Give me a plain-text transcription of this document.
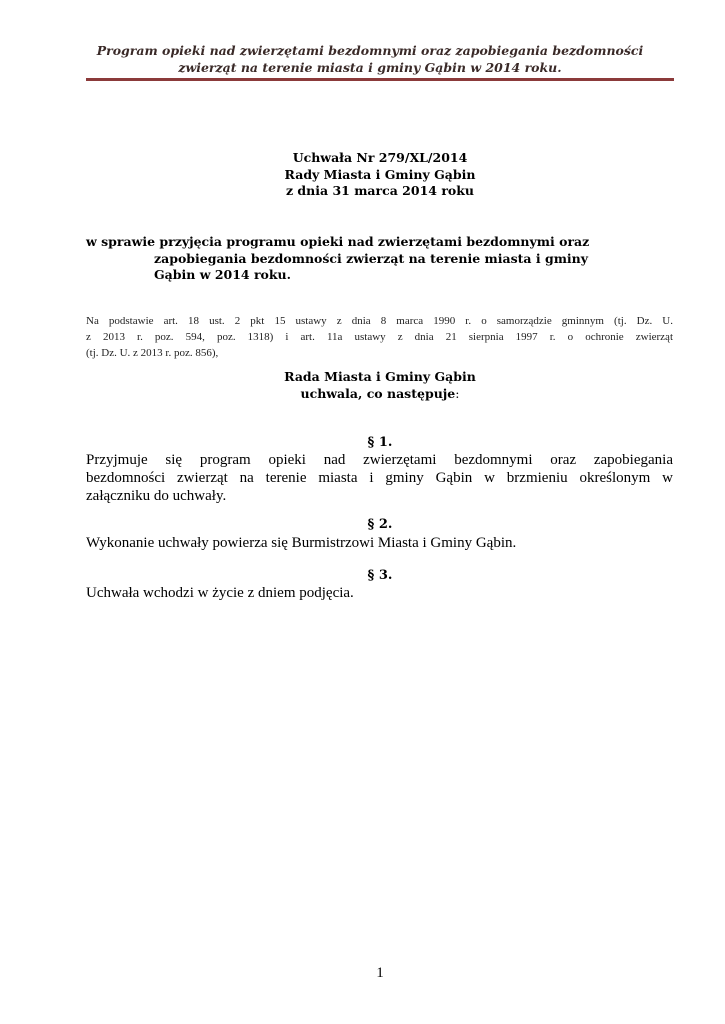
Program opieki nad zwierzętami bezdomnymi oraz zapobiegania bezdomności
zwierząt na terenie miasta i gminy Gąbin w 2014 roku.
Uchwała Nr 279/XL/2014
Rady Miasta i Gminy Gąbin
z dnia 31 marca 2014 roku
w sprawie przyjęcia programu opieki nad zwierzętami bezdomnymi oraz
zapobiegania bezdomności zwierząt na terenie miasta i gminy
Gąbin w 2014 roku.
Na podstawie art. 18 ust. 2 pkt 15 ustawy z dnia 8 marca 1990 r. o samorządzie gminnym (tj. Dz. U.
z 2013 r. poz. 594, poz. 1318) i art. 11a ustawy z dnia 21 sierpnia 1997 r. o ochronie zwierząt
(tj. Dz. U. z 2013 r. poz. 856),
Rada Miasta i Gminy Gąbin
uchwala, co następuje:
§ 1.
Przyjmuje się program opieki nad zwierzętami bezdomnymi oraz zapobiegania
bezdomności zwierząt na terenie miasta i gminy Gąbin w brzmieniu określonym w
załączniku do uchwały.
§ 2.
Wykonanie uchwały powierza się Burmistrzowi Miasta i Gminy Gąbin.
§ 3.
Uchwała wchodzi w życie z dniem podjęcia.
1
